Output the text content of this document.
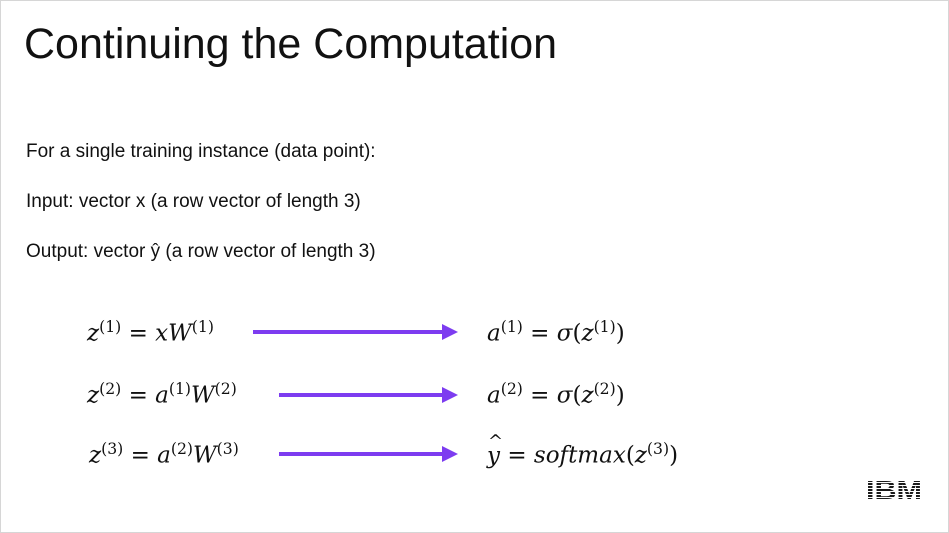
Continuing the Computation
For a single training instance (data point):
Input: vector x (a row vector of length 3)
Output: vector ŷ (a row vector of length 3)
$z^{(1)} = xW^{(1)}$	$a^{(1)} = \sigma(z^{(1)})$
$z^{(2)} = a^{(1)}W^{(2)}$	$a^{(2)} = \sigma(z^{(2)})$
$z^{(3)} = a^{(2)}W^{(3)}$	y ^ = $softmax(z^{(3)})$
